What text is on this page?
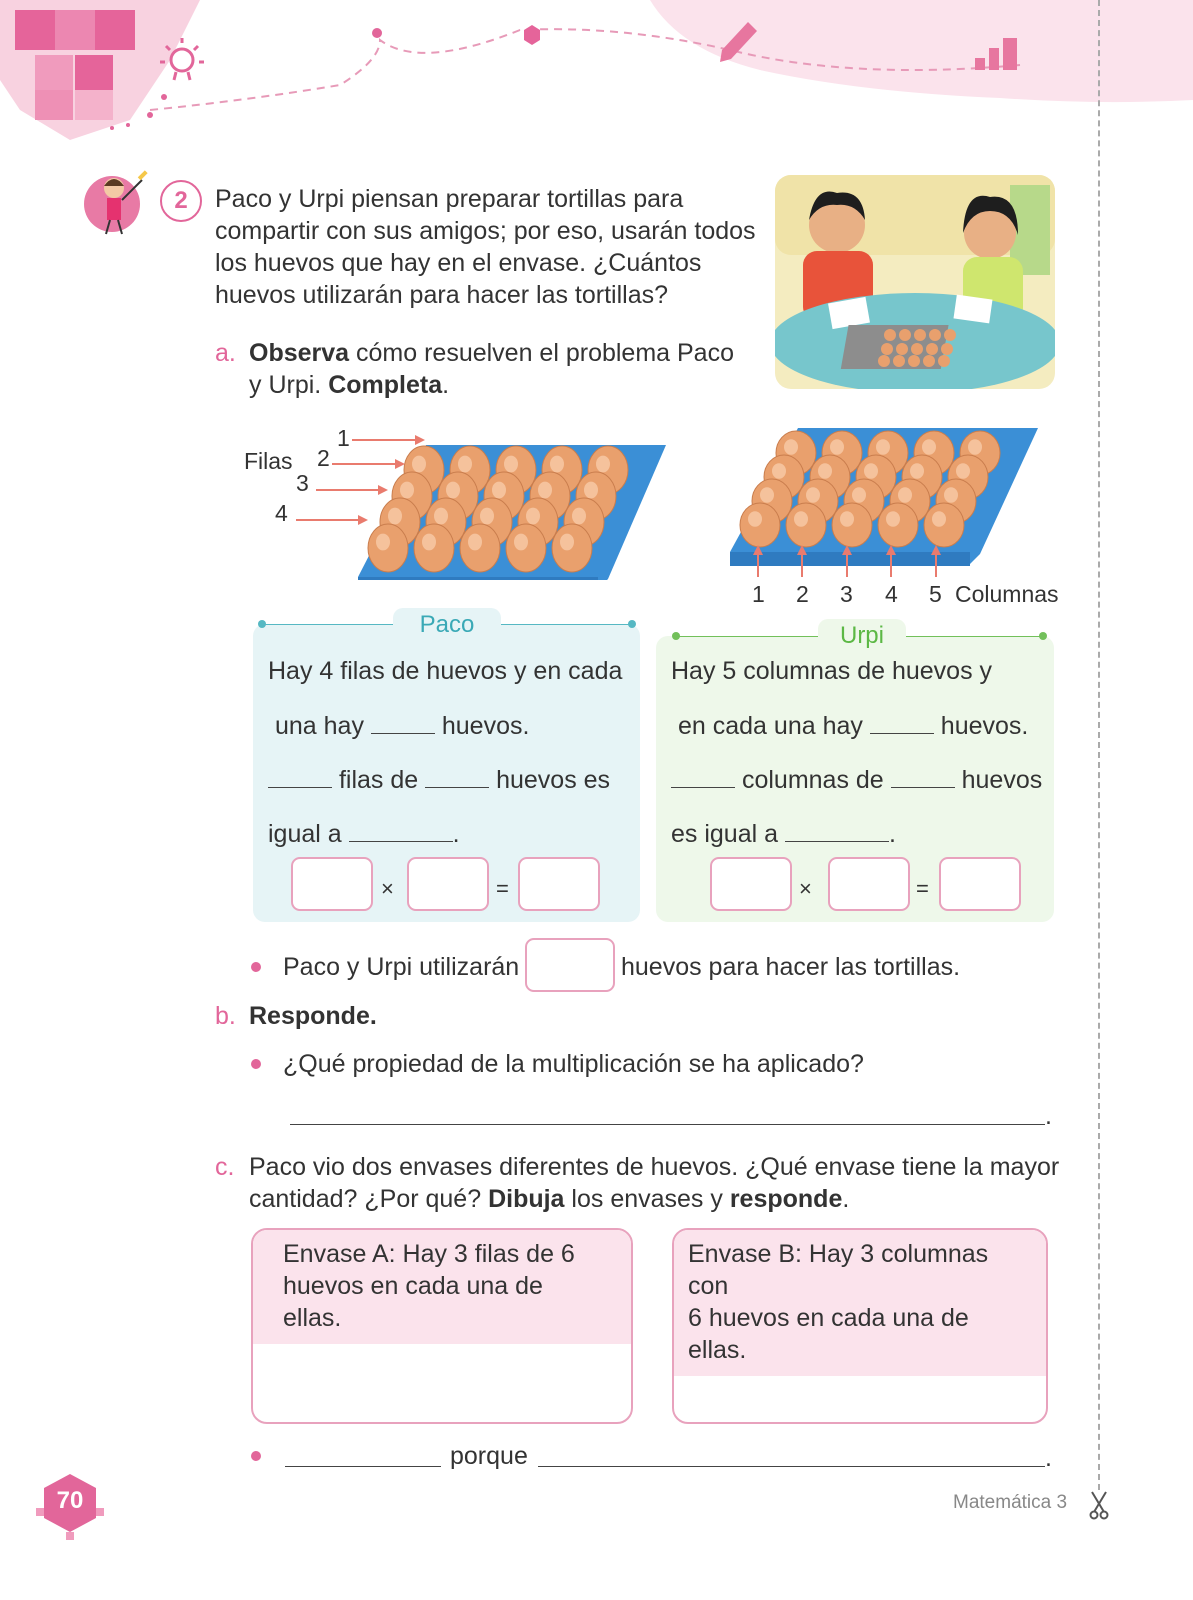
2	Paco y Urpi piensan preparar tortillas para
compartir con sus amigos; por eso, usarán todos
los huevos que hay en el envase. ¿Cuántos
huevos utilizarán para hacer las tortillas?
a. Observa cómo resuelven el problema Paco
y Urpi. Completa.
Filas
1
2
3
4
1 2 3 4 5 Columnas
Paco
Hay 4 filas de huevos y en cada
una hay	huevos.
filas de	huevos es
igual a	.
×	=
Urpi
Hay 5 columnas de huevos y
en cada una hay	huevos.
columnas de	huevos
es igual a	.
×	=
Paco y Urpi utilizarán	huevos para hacer las tortillas.
b. Responde.
¿Qué propiedad de la multiplicación se ha aplicado?
.
c. Paco vio dos envases diferentes de huevos. ¿Qué envase tiene la mayor
cantidad? ¿Por qué? Dibuja los envases y responde.
Envase A: Hay 3 filas de 6
huevos en cada una de ellas.
Envase B: Hay 3 columnas con
6 huevos en cada una de ellas.
porque	.
70	Matemática 3
